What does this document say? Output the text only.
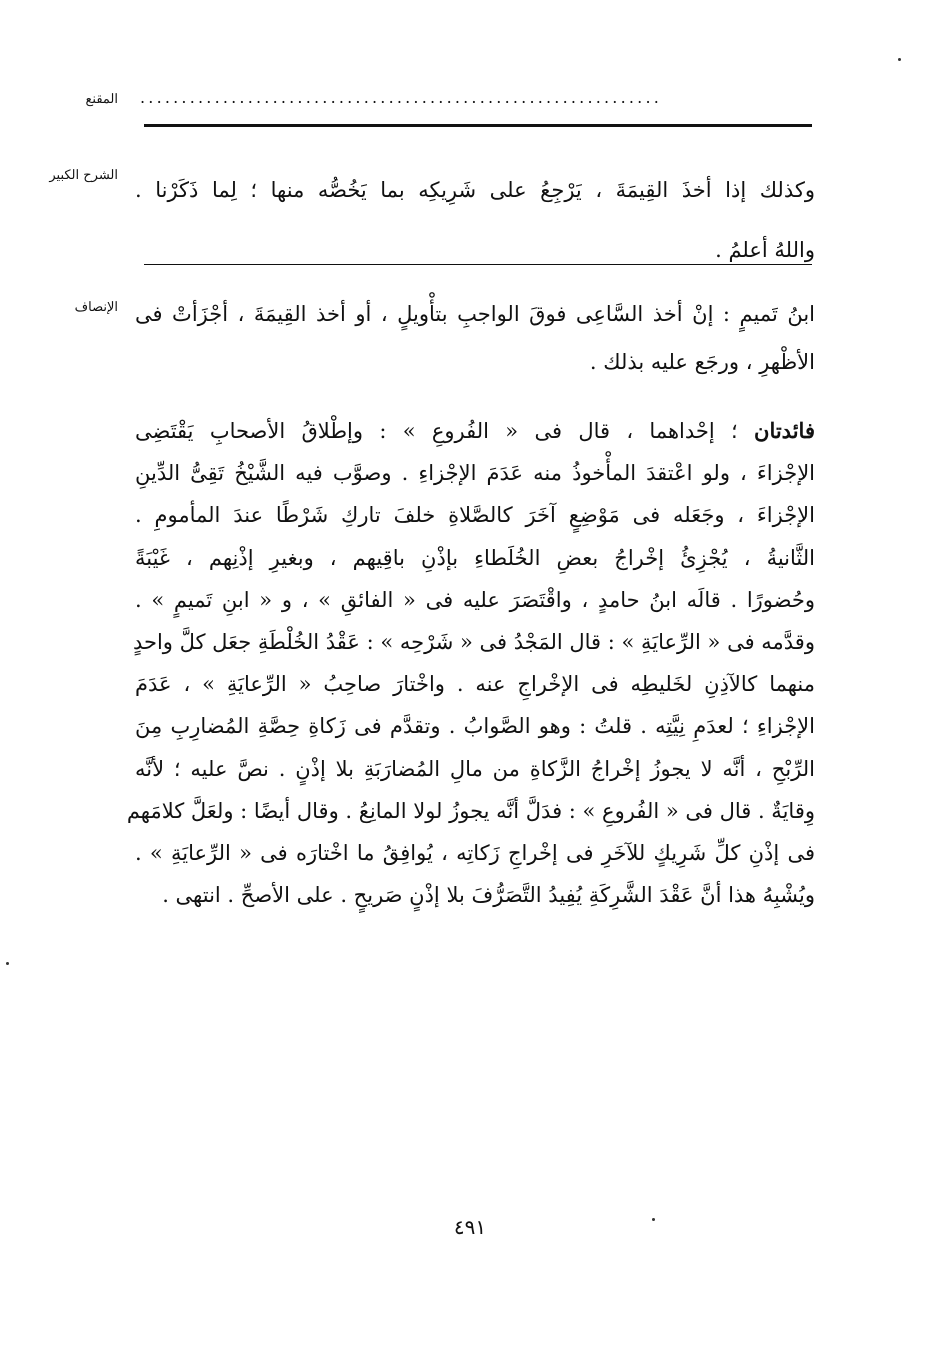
المقنع ...............................................................
الشرح الكبير
وكذلك إذا أخذَ القِيمَةَ ، يَرْجِعُ على شَرِيكِه بما يَخُصُّه منها ؛ لِما ذَكَرْنا .
واللهُ أعلمُ .
الإنصاف ابنُ تَميمٍ : إنْ أخذ السَّاعِى فوقَ الواجبِ بتأْويلٍ ، أو أخذ القِيمَةَ ، أجْزَأتْ فى
الأظْهرِ ، ورجَع عليه بذلك .
فائدتان ؛ إحْداهما ، قال فى « الفُروعِ » : وإطْلاقُ الأصحابِ يَقْتَضِى
الإجْزاءَ ، ولو اعْتقدَ المأْخوذُ منه عَدَمَ الإجْزاءِ . وصوَّب فيه الشَّيْخُ تَقِىُّ الدِّينِ
الإجْزاءَ ، وجَعَله فى مَوْضِعٍ آخَرَ كالصَّلاةِ خلفَ تاركِ شَرْطًا عندَ المأمومِ .
الثَّانيةُ ، يُجْزِئُ إخْراجُ بعضِ الخُلَطاءِ بإذْنِ باقِيهم ، وبغيرِ إذْنِهم ، غَيْبَةً
وحُضورًا . قالَه ابنُ حامدٍ ، واقْتَصَرَ عليه فى « الفائقِ » ، و « ابنِ تَميمٍ » .
وقدَّمه فى « الرِّعايَةِ » : قال المَجْدُ فى « شَرْحِه » : عَقْدُ الخُلْطَةِ جعَل كلَّ واحدٍ
منهما كالآذِنِ لخَليطِه فى الإخْراجِ عنه . واخْتارَ صاحِبُ « الرِّعايَةِ » ، عَدَمَ
الإجْزاءِ ؛ لعدَمِ نِيَّتِه . قلتُ : وهو الصَّوابُ . وتقدَّم فى زَكاةِ حِصَّةِ المُضارِبِ مِنَ
الرِّبْحِ ، أنَّه لا يجوزُ إخْراجُ الزَّكاةِ من مالِ المُضارَبَةِ بلا إذْنٍ . نصَّ عليه ؛ لأنَّه
وِقايَةٌ . قال فى « الفُروعِ » : فدَلَّ أنَّه يجوزُ لولا المانِعُ . وقال أيضًا : ولعَلَّ كلامَهم
فى إذْنِ كلِّ شَرِيكٍ للآخَرِ فى إخْراجِ زَكاتِه ، يُوافِقُ ما اخْتارَه فى « الرِّعايَةِ » .
ويُشْبِهُ هذا أنَّ عَقْدَ الشَّرِكَةِ يُفِيدُ التَّصَرُّفَ بلا إذْنٍ صَريحٍ . على الأصحِّ . انتهى .
٤٩١
